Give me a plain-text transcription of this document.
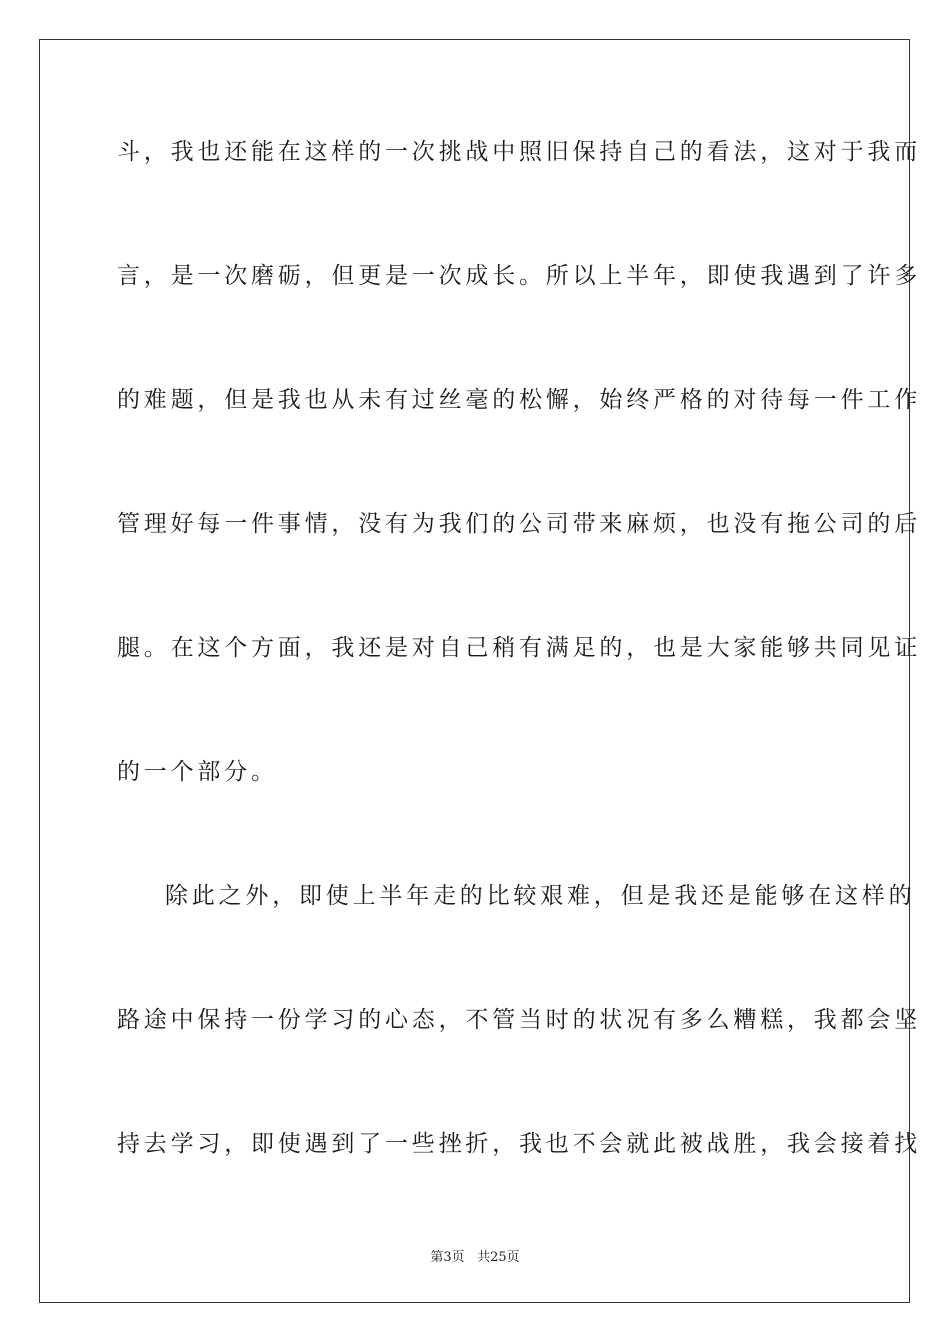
斗，我也还能在这样的一次挑战中照旧保持自己的看法，这对于我而
言，是一次磨砺，但更是一次成长。所以上半年，即使我遇到了许多
的难题，但是我也从未有过丝毫的松懈，始终严格的对待每一件工作
管理好每一件事情，没有为我们的公司带来麻烦，也没有拖公司的后
腿。在这个方面，我还是对自己稍有满足的，也是大家能够共同见证
的一个部分。
除此之外，即使上半年走的比较艰难，但是我还是能够在这样的
路途中保持一份学习的心态，不管当时的状况有多么糟糕，我都会坚
持去学习，即使遇到了一些挫折，我也不会就此被战胜，我会接着找
第3页 共25页
